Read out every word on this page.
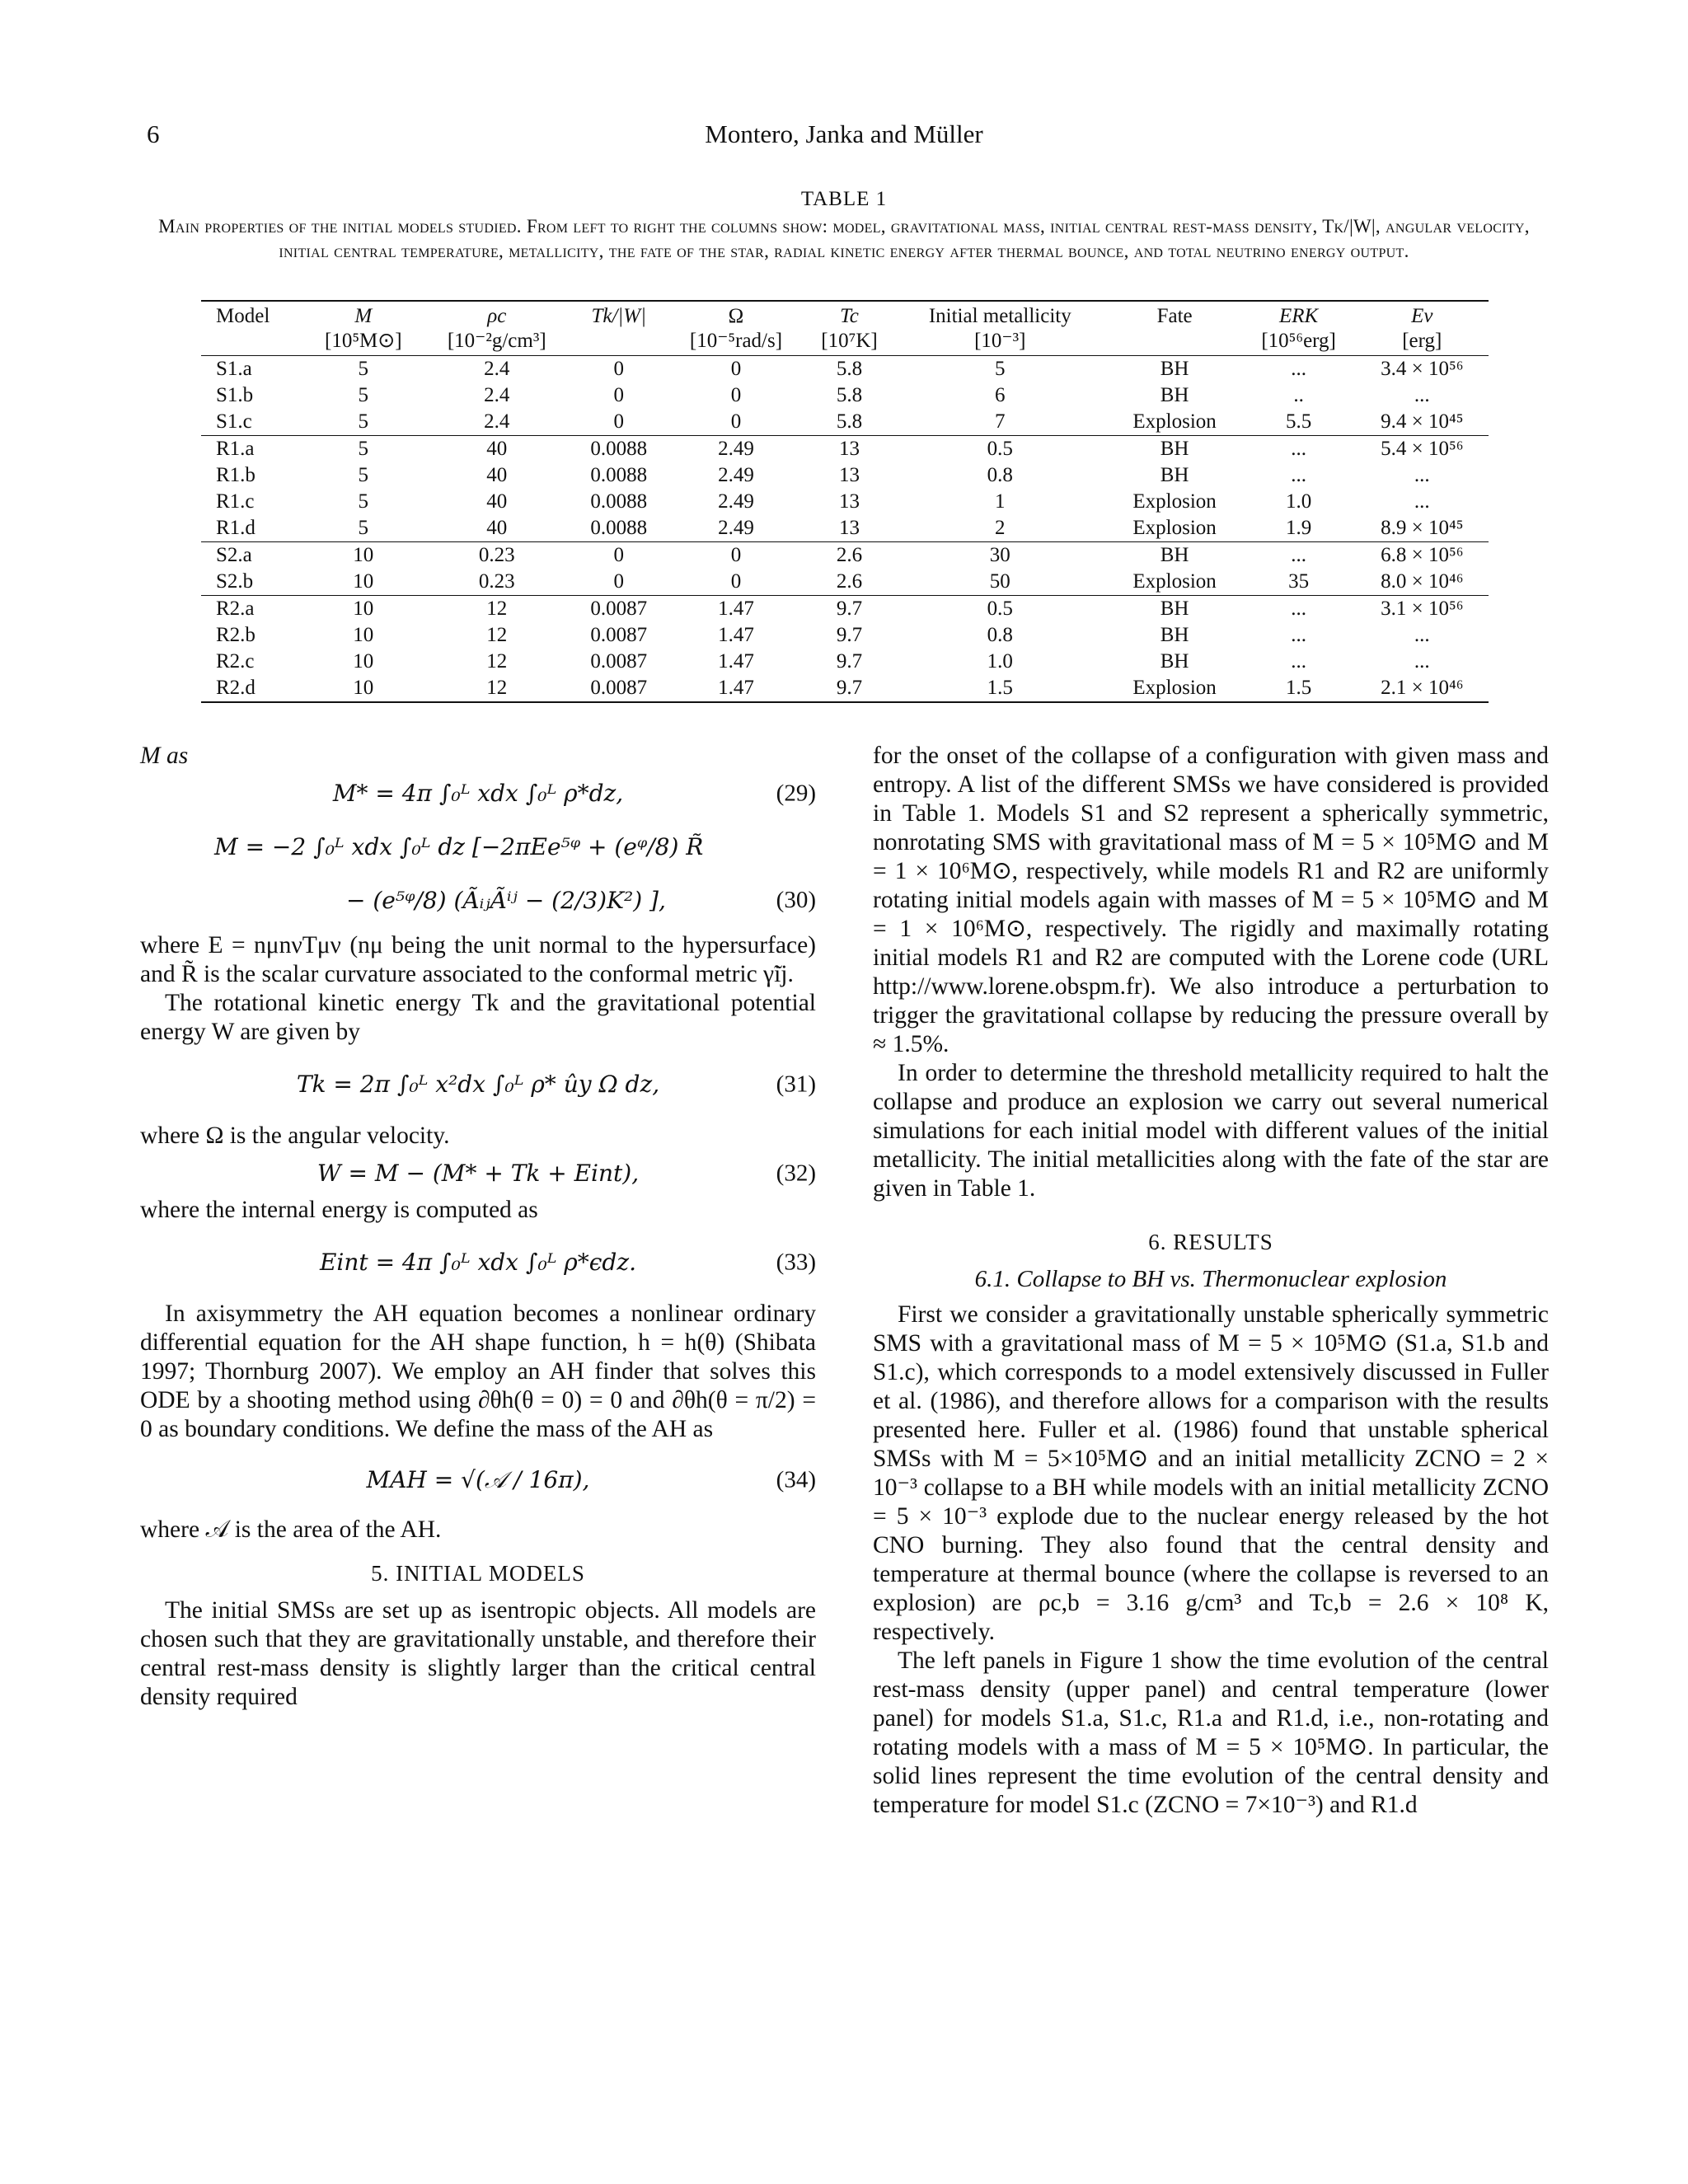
6	Montero, Janka and Müller
TABLE 1
Main properties of the initial models studied. From left to right the columns show: model, gravitational mass, initial central rest-mass density, Tk/|W|, angular velocity, initial central temperature, metallicity, the fate of the star, radial kinetic energy after thermal bounce, and total neutrino energy output.
Model	M	ρc	Tk/|W|	Ω	Tc	Initial metallicity	Fate	ERK	Eν
	[10⁵M⊙]	[10⁻²g/cm³]		[10⁻⁵rad/s]	[10⁷K]	[10⁻³]		[10⁵⁶erg]	[erg]
S1.a	5	2.4	0	0	5.8	5	BH	...	3.4 × 10⁵⁶
S1.b	5	2.4	0	0	5.8	6	BH	..	...
S1.c	5	2.4	0	0	5.8	7	Explosion	5.5	9.4 × 10⁴⁵
R1.a	5	40	0.0088	2.49	13	0.5	BH	...	5.4 × 10⁵⁶
R1.b	5	40	0.0088	2.49	13	0.8	BH	...	...
R1.c	5	40	0.0088	2.49	13	1	Explosion	1.0	...
R1.d	5	40	0.0088	2.49	13	2	Explosion	1.9	8.9 × 10⁴⁵
S2.a	10	0.23	0	0	2.6	30	BH	...	6.8 × 10⁵⁶
S2.b	10	0.23	0	0	2.6	50	Explosion	35	8.0 × 10⁴⁶
R2.a	10	12	0.0087	1.47	9.7	0.5	BH	...	3.1 × 10⁵⁶
R2.b	10	12	0.0087	1.47	9.7	0.8	BH	...	...
R2.c	10	12	0.0087	1.47	9.7	1.0	BH	...	...
R2.d	10	12	0.0087	1.47	9.7	1.5	Explosion	1.5	2.1 × 10⁴⁶

M as

M* = 4π ∫₀ᴸ xdx ∫₀ᴸ ρ*dz,	(29)
M = −2 ∫₀ᴸ xdx ∫₀ᴸ dz [−2πEe⁵ᵠ + (eᵠ/8) R̃
− (e⁵ᵠ/8) (ÃᵢⱼÃⁱʲ − (2/3)K²) ],	(30)

where E = nμnνTμν (nμ being the unit normal to the hypersurface) and R̃ is the scalar curvature associated to the conformal metric γ̃ij.

The rotational kinetic energy Tk and the gravitational potential energy W are given by

Tk = 2π ∫₀ᴸ x²dx ∫₀ᴸ ρ* ûy Ω dz,	(31)

where Ω is the angular velocity.

W = M − (M* + Tk + Eint),	(32)

where the internal energy is computed as

Eint = 4π ∫₀ᴸ xdx ∫₀ᴸ ρ*ϵdz.	(33)

In axisymmetry the AH equation becomes a nonlinear ordinary differential equation for the AH shape function, h = h(θ) (Shibata 1997; Thornburg 2007). We employ an AH finder that solves this ODE by a shooting method using ∂θh(θ = 0) = 0 and ∂θh(θ = π/2) = 0 as boundary conditions. We define the mass of the AH as

MAH = √(𝒜 / 16π),	(34)

where 𝒜 is the area of the AH.

5. INITIAL MODELS

The initial SMSs are set up as isentropic objects. All models are chosen such that they are gravitationally unstable, and therefore their central rest-mass density is slightly larger than the critical central density required

for the onset of the collapse of a configuration with given mass and entropy. A list of the different SMSs we have considered is provided in Table 1. Models S1 and S2 represent a spherically symmetric, nonrotating SMS with gravitational mass of M = 5 × 10⁵M⊙ and M = 1 × 10⁶M⊙, respectively, while models R1 and R2 are uniformly rotating initial models again with masses of M = 5 × 10⁵M⊙ and M = 1 × 10⁶M⊙, respectively. The rigidly and maximally rotating initial models R1 and R2 are computed with the Lorene code (URL http://www.lorene.obspm.fr). We also introduce a perturbation to trigger the gravitational collapse by reducing the pressure overall by ≈ 1.5%.

In order to determine the threshold metallicity required to halt the collapse and produce an explosion we carry out several numerical simulations for each initial model with different values of the initial metallicity. The initial metallicities along with the fate of the star are given in Table 1.

6. RESULTS
6.1. Collapse to BH vs. Thermonuclear explosion

First we consider a gravitationally unstable spherically symmetric SMS with a gravitational mass of M = 5 × 10⁵M⊙ (S1.a, S1.b and S1.c), which corresponds to a model extensively discussed in Fuller et al. (1986), and therefore allows for a comparison with the results presented here. Fuller et al. (1986) found that unstable spherical SMSs with M = 5×10⁵M⊙ and an initial metallicity ZCNO = 2 × 10⁻³ collapse to a BH while models with an initial metallicity ZCNO = 5 × 10⁻³ explode due to the nuclear energy released by the hot CNO burning. They also found that the central density and temperature at thermal bounce (where the collapse is reversed to an explosion) are ρc,b = 3.16 g/cm³ and Tc,b = 2.6 × 10⁸ K, respectively.

The left panels in Figure 1 show the time evolution of the central rest-mass density (upper panel) and central temperature (lower panel) for models S1.a, S1.c, R1.a and R1.d, i.e., non-rotating and rotating models with a mass of M = 5 × 10⁵M⊙. In particular, the solid lines represent the time evolution of the central density and temperature for model S1.c (ZCNO = 7×10⁻³) and R1.d
